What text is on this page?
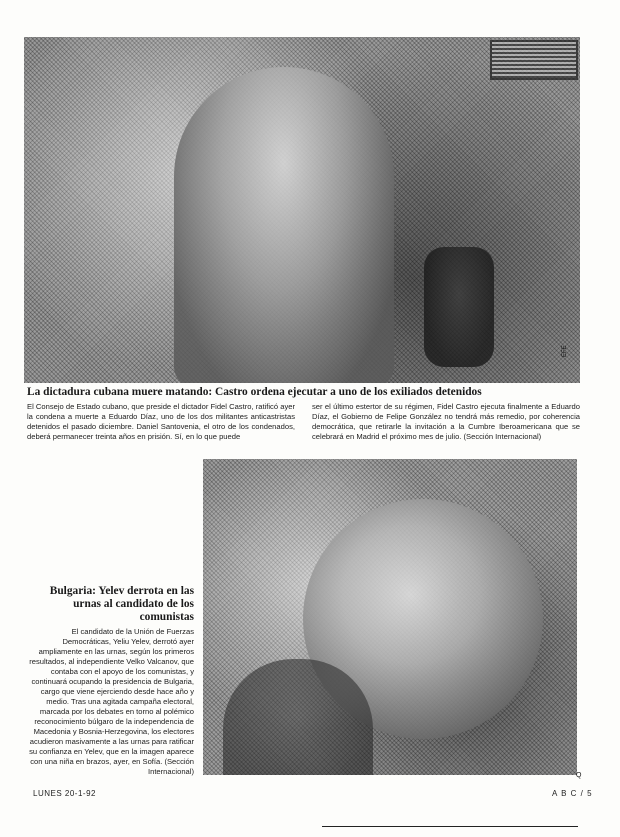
EFE
La dictadura cubana muere matando: Castro ordena ejecutar a uno de los exiliados detenidos

El Consejo de Estado cubano, que preside el dictador Fidel Castro, ratificó ayer la condena a muerte a Eduardo Díaz, uno de los dos militantes anticastristas detenidos el pasado diciembre. Daniel Santovenia, el otro de los condenados, deberá permanecer treinta años en prisión. Sí, en lo que puede

ser el último estertor de su régimen, Fidel Castro ejecuta finalmente a Eduardo Díaz, el Gobierno de Felipe González no tendrá más remedio, por coherencia democrática, que retirarle la invitación a la Cumbre Iberoamericana que se celebrará en Madrid el próximo mes de julio. (Sección Internacional)

Q
Bulgaria: Yelev derrota en las urnas al candidato de los comunistas

El candidato de la Unión de Fuerzas Democráticas, Yeliu Yelev, derrotó ayer ampliamente en las urnas, según los primeros resultados, al independiente Velko Valcanov, que contaba con el apoyo de los comunistas, y continuará ocupando la presidencia de Bulgaria, cargo que viene ejerciendo desde hace año y medio. Tras una agitada campaña electoral, marcada por los debates en torno al polémico reconocimiento búlgaro de la independencia de Macedonia y Bosnia-Herzegovina, los electores acudieron masivamente a las urnas para ratificar su confianza en Yelev, que en la imagen aparece con una niña en brazos, ayer, en Sofía. (Sección Internacional)

LUNES 20-1-92	A B C / 5
